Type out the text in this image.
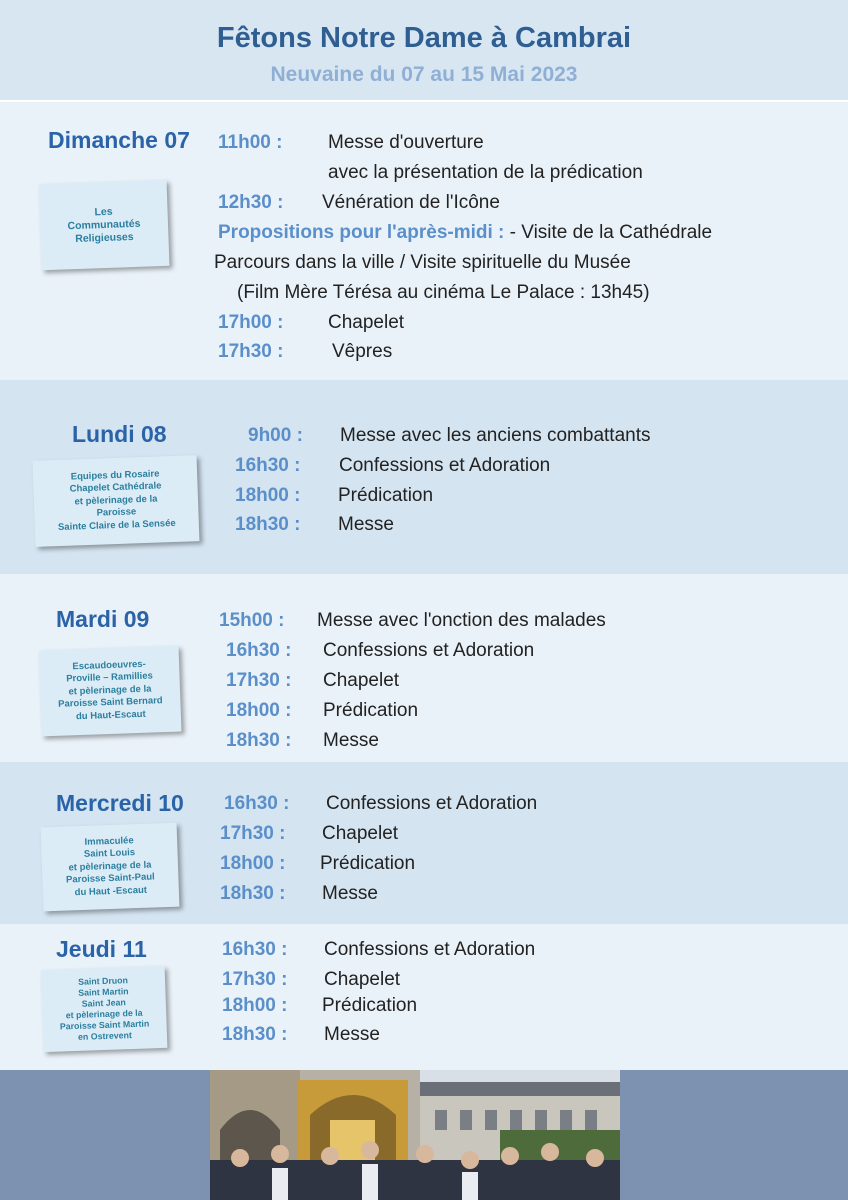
Fêtons Notre Dame à Cambrai
Neuvaine du 07 au 15 Mai 2023
Dimanche 07
Les
Communautés
Religieuses
11h00 : Messe d'ouverture
avec la présentation de la prédication
12h30 : Vénération de l'Icône
Propositions pour l'après-midi : - Visite de la Cathédrale
Parcours dans la ville / Visite spirituelle du Musée
(Film Mère Térésa au cinéma Le Palace : 13h45)
17h00 : Chapelet
17h30 :	Vêpres
Lundi 08
Equipes du Rosaire
Chapelet Cathédrale
et pèlerinage de la
Paroisse
Sainte Claire de la Sensée
9h00 : Messe avec les anciens combattants
16h30 : Confessions et Adoration
18h00 : Prédication
18h30 : Messe
Mardi 09
Escaudoeuvres-
Proville – Ramillies
et pèlerinage de la
Paroisse Saint Bernard
du Haut-Escaut
15h00 : Messe avec l'onction des malades
16h30 : Confessions et Adoration
17h30 : Chapelet
18h00 : Prédication
18h30 : Messe
Mercredi 10
Immaculée
Saint Louis
et pèlerinage de la
Paroisse Saint-Paul
du Haut -Escaut
16h30 : Confessions et Adoration
17h30 : Chapelet
18h00 : Prédication
18h30 : Messe
Jeudi 11
Saint Druon
Saint Martin
Saint Jean
et pèlerinage de la
Paroisse Saint Martin
en Ostrevent
16h30 : Confessions et Adoration
17h30 : Chapelet
18h00 : Prédication
18h30 : Messe
